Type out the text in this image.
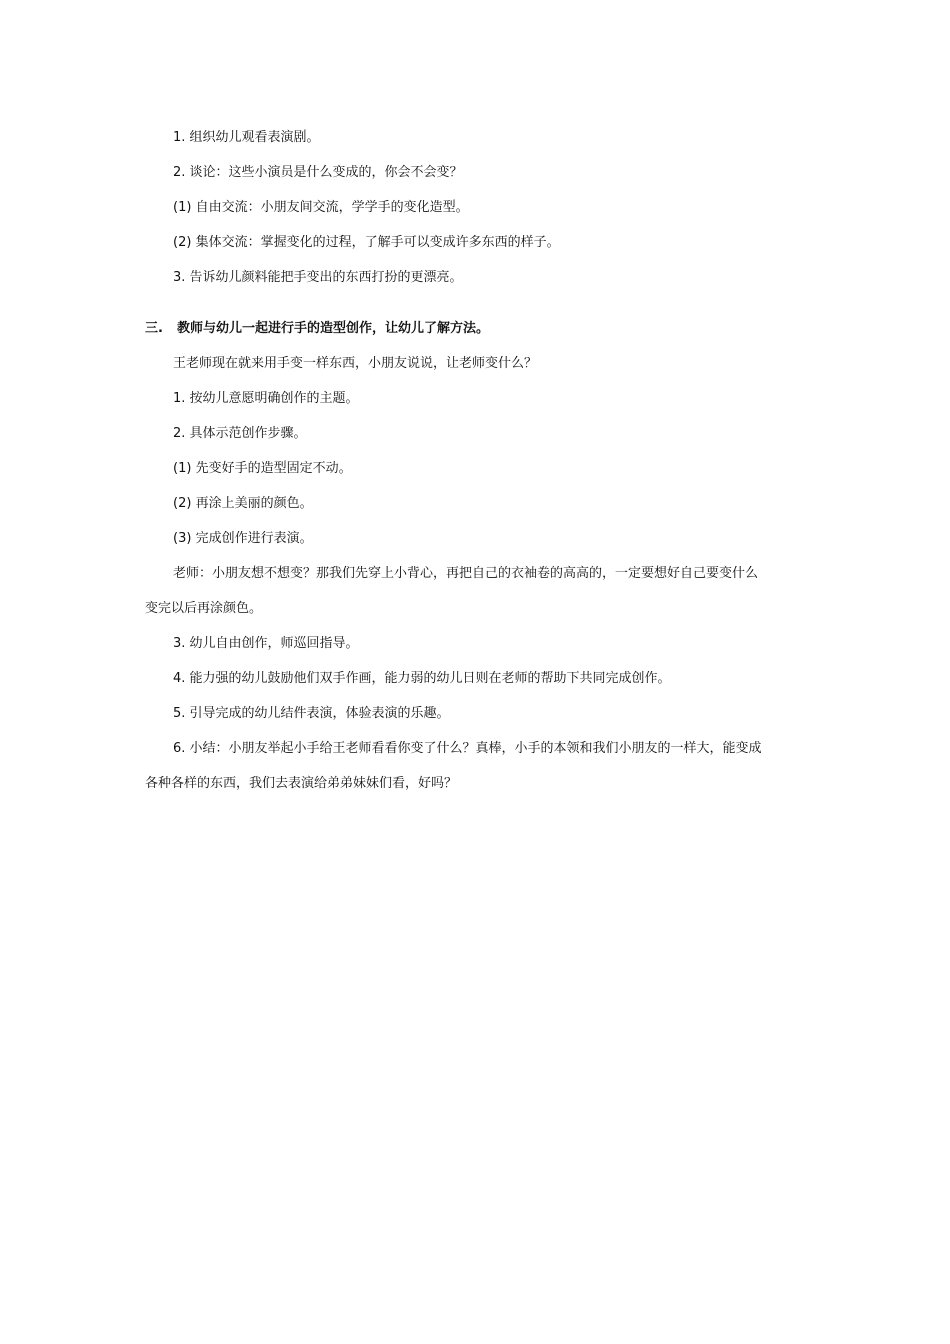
1. 组织幼儿观看表演剧。

2. 谈论：这些小演员是什么变成的，你会不会变？

(1) 自由交流：小朋友间交流，学学手的变化造型。

(2) 集体交流：掌握变化的过程，了解手可以变成许多东西的样子。

3. 告诉幼儿颜料能把手变出的东西打扮的更漂亮。

三. 教师与幼儿一起进行手的造型创作，让幼儿了解方法。

王老师现在就来用手变一样东西，小朋友说说，让老师变什么？

1. 按幼儿意愿明确创作的主题。

2. 具体示范创作步骤。

(1) 先变好手的造型固定不动。

(2) 再涂上美丽的颜色。

(3) 完成创作进行表演。

老师：小朋友想不想变？那我们先穿上小背心，再把自己的衣袖卷的高高的，一定要想好自己要变什么

变完以后再涂颜色。

3. 幼儿自由创作，师巡回指导。

4. 能力强的幼儿鼓励他们双手作画，能力弱的幼儿日则在老师的帮助下共同完成创作。

5. 引导完成的幼儿结件表演，体验表演的乐趣。

6. 小结：小朋友举起小手给王老师看看你变了什么？真棒，小手的本领和我们小朋友的一样大，能变成

各种各样的东西，我们去表演给弟弟妹妹们看，好吗？
